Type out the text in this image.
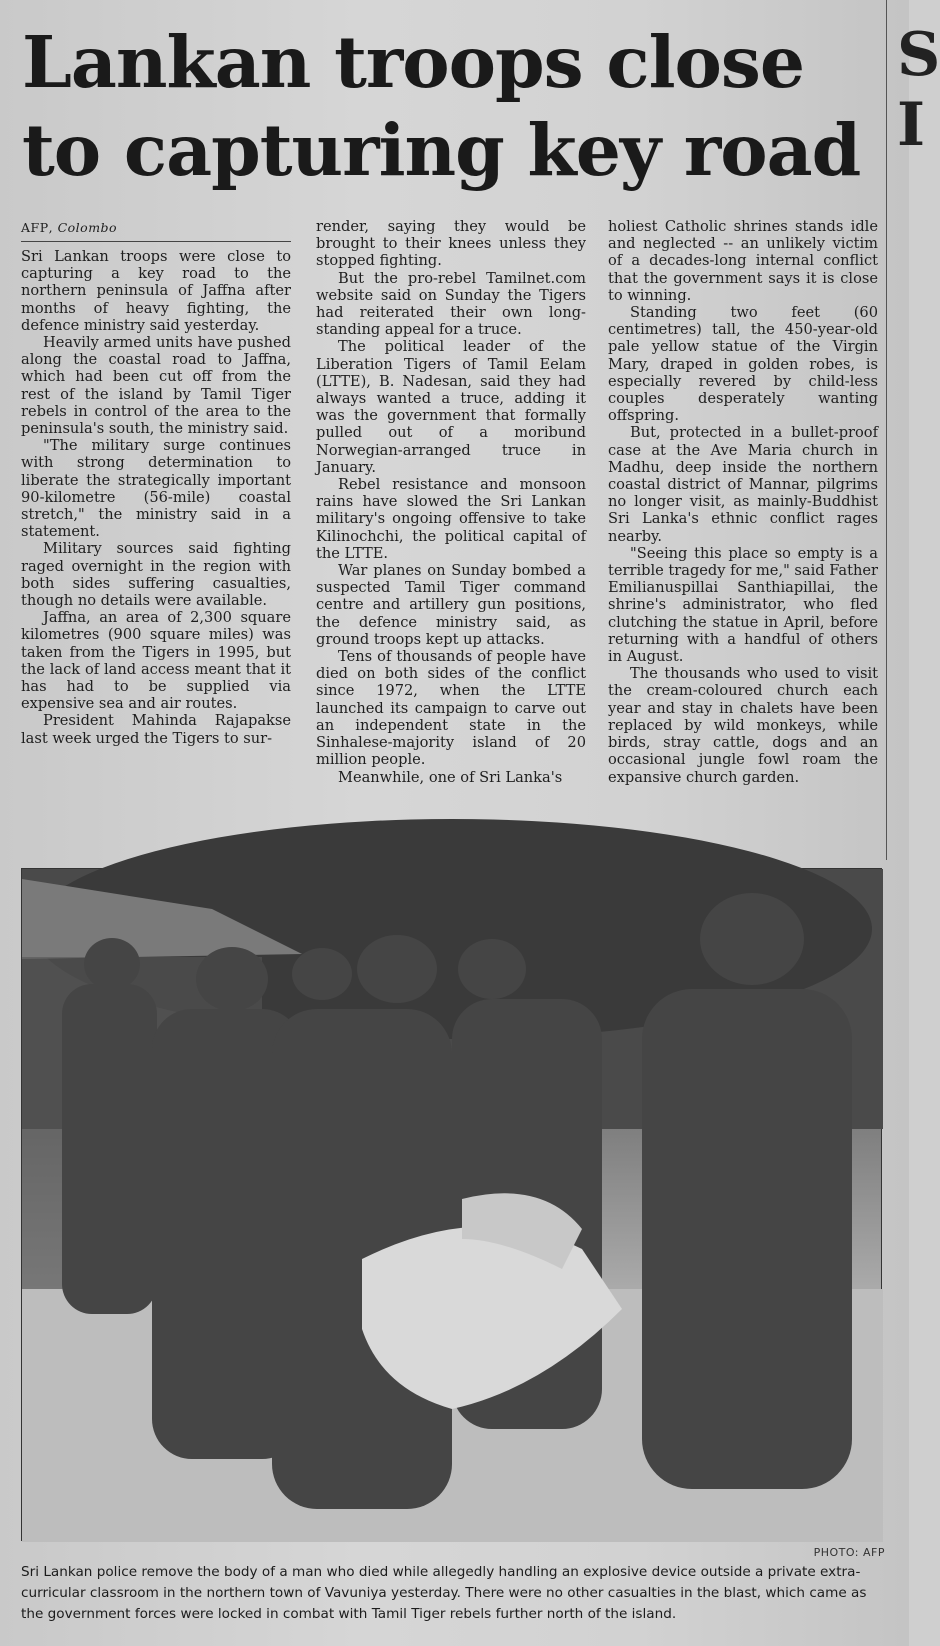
Lankan troops close to capturing key road
S
I
AFP, Colombo

Sri Lankan troops were close to capturing a key road to the northern peninsula of Jaffna after months of heavy fighting, the defence ministry said yesterday.

Heavily armed units have pushed along the coastal road to Jaffna, which had been cut off from the rest of the island by Tamil Tiger rebels in control of the area to the peninsula's south, the ministry said.

"The military surge continues with strong determination to liberate the strategically important 90-kilometre (56-mile) coastal stretch," the ministry said in a statement.

Military sources said fighting raged overnight in the region with both sides suffering casualties, though no details were available.

Jaffna, an area of 2,300 square kilometres (900 square miles) was taken from the Tigers in 1995, but the lack of land access meant that it has had to be supplied via expensive sea and air routes.

President Mahinda Rajapakse last week urged the Tigers to sur-

render, saying they would be brought to their knees unless they stopped fighting.

But the pro-rebel Tamilnet.com website said on Sunday the Tigers had reiterated their own long-standing appeal for a truce.

The political leader of the Liberation Tigers of Tamil Eelam (LTTE), B. Nadesan, said they had always wanted a truce, adding it was the government that formally pulled out of a moribund Norwegian-arranged truce in January.

Rebel resistance and monsoon rains have slowed the Sri Lankan military's ongoing offensive to take Kilinochchi, the political capital of the LTTE.

War planes on Sunday bombed a suspected Tamil Tiger command centre and artillery gun positions, the defence ministry said, as ground troops kept up attacks.

Tens of thousands of people have died on both sides of the conflict since 1972, when the LTTE launched its campaign to carve out an independent state in the Sinhalese-majority island of 20 million people.

Meanwhile, one of Sri Lanka's

holiest Catholic shrines stands idle and neglected -- an unlikely victim of a decades-long internal conflict that the government says it is close to winning.

Standing two feet (60 centimetres) tall, the 450-year-old pale yellow statue of the Virgin Mary, draped in golden robes, is especially revered by child-less couples desperately wanting offspring.

But, protected in a bullet-proof case at the Ave Maria church in Madhu, deep inside the northern coastal district of Mannar, pilgrims no longer visit, as mainly-Buddhist Sri Lanka's ethnic conflict rages nearby.

"Seeing this place so empty is a terrible tragedy for me," said Father Emilianuspillai Santhiapillai, the shrine's administrator, who fled clutching the statue in April, before returning with a handful of others in August.

The thousands who used to visit the cream-coloured church each year and stay in chalets have been replaced by wild monkeys, while birds, stray cattle, dogs and an occasional jungle fowl roam the expansive church garden.

PHOTO: AFP
Sri Lankan police remove the body of a man who died while allegedly handling an explosive device outside a private extra-curricular classroom in the northern town of Vavuniya yesterday. There were no other casualties in the blast, which came as the government forces were locked in combat with Tamil Tiger rebels further north of the island.
